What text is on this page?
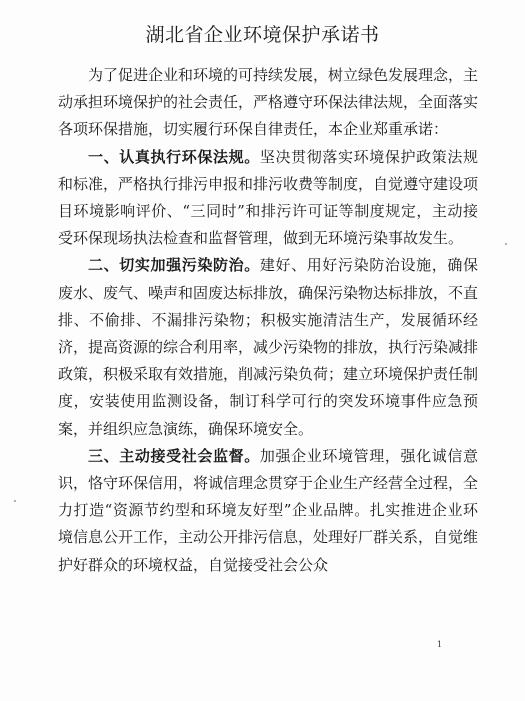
湖北省企业环境保护承诺书

为了促进企业和环境的可持续发展，树立绿色发展理念，主动承担环境保护的社会责任，严格遵守环保法律法规，全面落实各项环保措施，切实履行环保自律责任，本企业郑重承诺：

一、认真执行环保法规。坚决贯彻落实环境保护政策法规和标准，严格执行排污申报和排污收费等制度，自觉遵守建设项目环境影响评价、“三同时”和排污许可证等制度规定，主动接受环保现场执法检查和监督管理，做到无环境污染事故发生。

二、切实加强污染防治。建好、用好污染防治设施，确保废水、废气、噪声和固废达标排放，确保污染物达标排放，不直排、不偷排、不漏排污染物；积极实施清洁生产，发展循环经济，提高资源的综合利用率，减少污染物的排放，执行污染减排政策，积极采取有效措施，削减污染负荷；建立环境保护责任制度，安装使用监测设备，制订科学可行的突发环境事件应急预案，并组织应急演练，确保环境安全。

三、主动接受社会监督。加强企业环境管理，强化诚信意识，恪守环保信用，将诚信理念贯穿于企业生产经营全过程，全力打造“资源节约型和环境友好型”企业品牌。扎实推进企业环境信息公开工作，主动公开排污信息，处理好厂群关系，自觉维护好群众的环境权益，自觉接受社会公众

1
